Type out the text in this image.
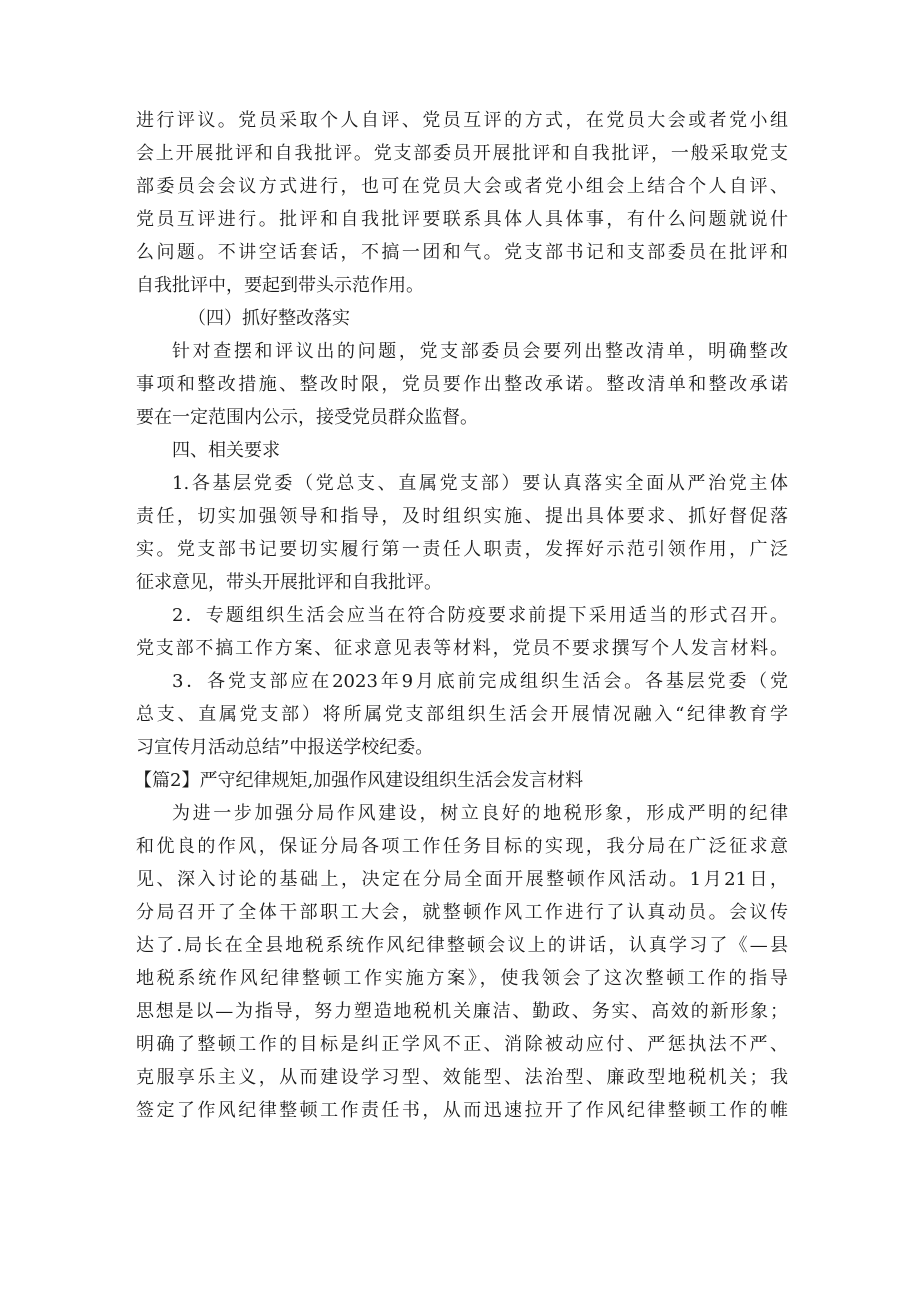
进行评议。党员采取个人自评、党员互评的方式，在党员大会或者党小组
会上开展批评和自我批评。党支部委员开展批评和自我批评，一般采取党支
部委员会会议方式进行，也可在党员大会或者党小组会上结合个人自评、
党员互评进行。批评和自我批评要联系具体人具体事，有什么问题就说什
么问题。不讲空话套话，不搞一团和气。党支部书记和支部委员在批评和
自我批评中，要起到带头示范作用。
（四）抓好整改落实
针对查摆和评议出的问题，党支部委员会要列出整改清单，明确整改
事项和整改措施、整改时限，党员要作出整改承诺。整改清单和整改承诺
要在一定范围内公示，接受党员群众监督。
四、相关要求
1.各基层党委（党总支、直属党支部）要认真落实全面从严治党主体
责任，切实加强领导和指导，及时组织实施、提出具体要求、抓好督促落
实。党支部书记要切实履行第一责任人职责，发挥好示范引领作用，广泛
征求意见，带头开展批评和自我批评。
2．专题组织生活会应当在符合防疫要求前提下采用适当的形式召开。
党支部不搞工作方案、征求意见表等材料，党员不要求撰写个人发言材料。
3．各党支部应在2023年9月底前完成组织生活会。各基层党委（党
总支、直属党支部）将所属党支部组织生活会开展情况融入“纪律教育学
习宣传月活动总结”中报送学校纪委。
【篇2】严守纪律规矩,加强作风建设组织生活会发言材料
为进一步加强分局作风建设，树立良好的地税形象，形成严明的纪律
和优良的作风，保证分局各项工作任务目标的实现，我分局在广泛征求意
见、深入讨论的基础上，决定在分局全面开展整顿作风活动。1月21日，
分局召开了全体干部职工大会，就整顿作风工作进行了认真动员。会议传
达了.局长在全县地税系统作风纪律整顿会议上的讲话，认真学习了《—县
地税系统作风纪律整顿工作实施方案》，使我领会了这次整顿工作的指导
思想是以—为指导，努力塑造地税机关廉洁、勤政、务实、高效的新形象；
明确了整顿工作的目标是纠正学风不正、消除被动应付、严惩执法不严、
克服享乐主义，从而建设学习型、效能型、法治型、廉政型地税机关；我
签定了作风纪律整顿工作责任书，从而迅速拉开了作风纪律整顿工作的帷
